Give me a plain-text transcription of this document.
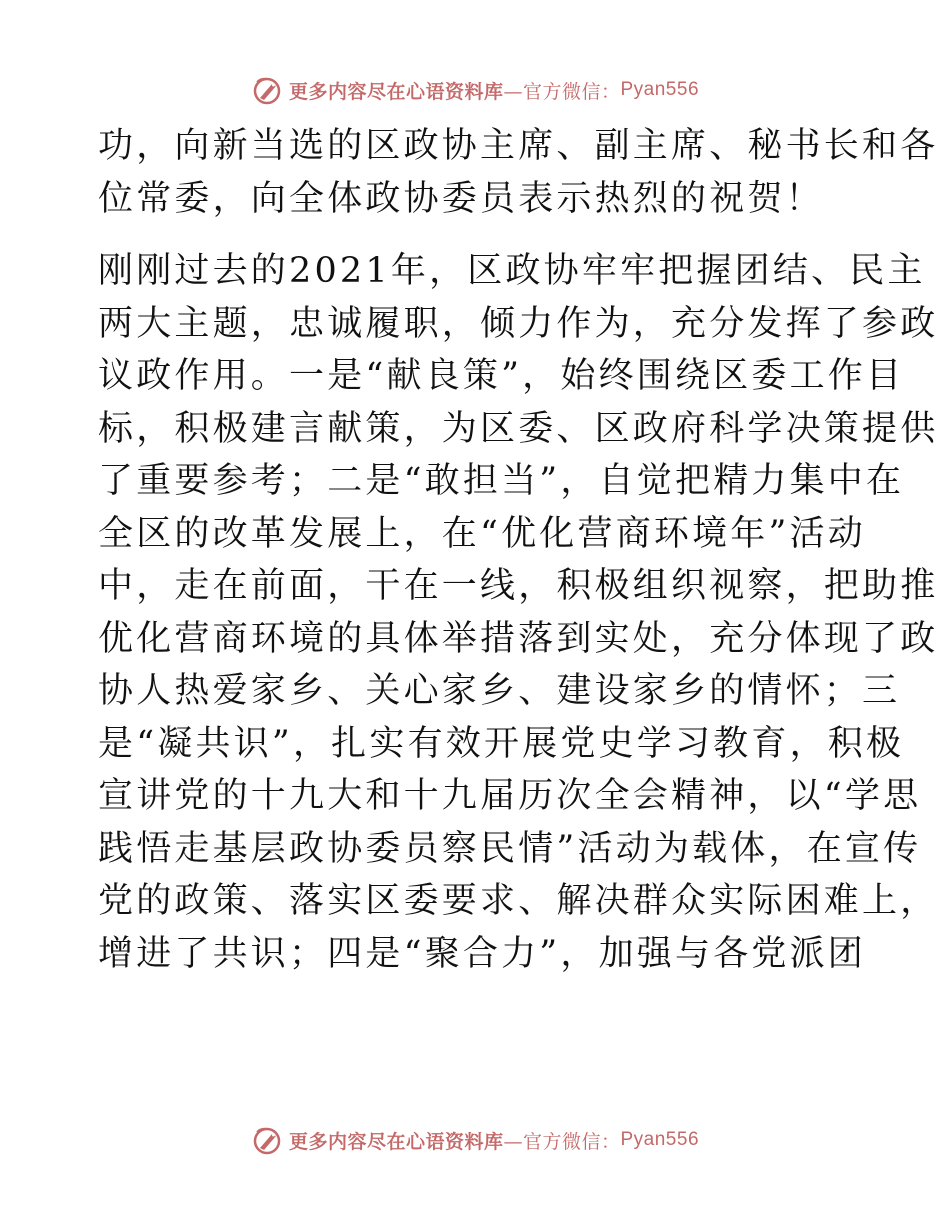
更多内容尽在心语资料库 —官方微信： Pyan556

功，向新当选的区政协主席、副主席、秘书长和各
位常委，向全体政协委员表示热烈的祝贺！

刚刚过去的2021年，区政协牢牢把握团结、民主
两大主题，忠诚履职，倾力作为，充分发挥了参政
议政作用。一是“献良策”，始终围绕区委工作目
标，积极建言献策，为区委、区政府科学决策提供
了重要参考；二是“敢担当”，自觉把精力集中在
全区的改革发展上，在“优化营商环境年”活动
中，走在前面，干在一线，积极组织视察，把助推
优化营商环境的具体举措落到实处，充分体现了政
协人热爱家乡、关心家乡、建设家乡的情怀；三
是“凝共识”，扎实有效开展党史学习教育，积极
宣讲党的十九大和十九届历次全会精神，以“学思
践悟走基层政协委员察民情”活动为载体，在宣传
党的政策、落实区委要求、解决群众实际困难上，
增进了共识；四是“聚合力”，加强与各党派团

更多内容尽在心语资料库 —官方微信： Pyan556
